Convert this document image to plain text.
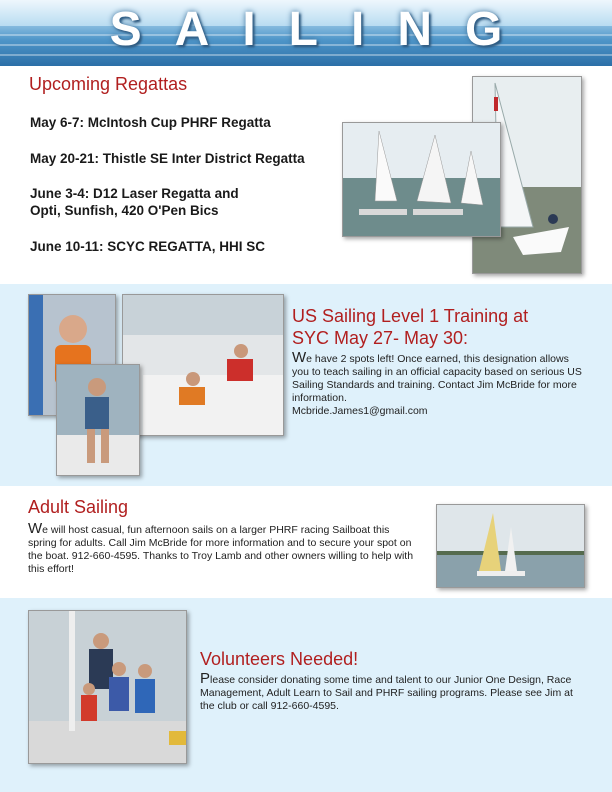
SAILING
Upcoming Regattas
May 6-7: McIntosh Cup PHRF Regatta
May 20-21: Thistle SE Inter District Regatta
June 3-4: D12 Laser Regatta and
Opti, Sunfish, 420 O'Pen Bics
June 10-11: SCYC REGATTA, HHI SC
US Sailing Level 1 Training at
SYC May 27- May 30:

We have 2 spots left! Once earned, this designation allows you to teach sailing in an official capacity based on serious US Sailing Standards and training. Contact Jim McBride for more information.
Mcbride.James1@gmail.com

Adult Sailing

We will host casual, fun afternoon sails on a larger PHRF racing Sailboat this spring for adults. Call Jim McBride for more information and to secure your spot on the boat. 912-660-4595. Thanks to Troy Lamb and other owners willing to help with this effort!

Volunteers Needed!

Please consider donating some time and talent to our Junior One Design, Race Management, Adult Learn to Sail and PHRF sailing programs. Please see Jim at the club or call 912-660-4595.
